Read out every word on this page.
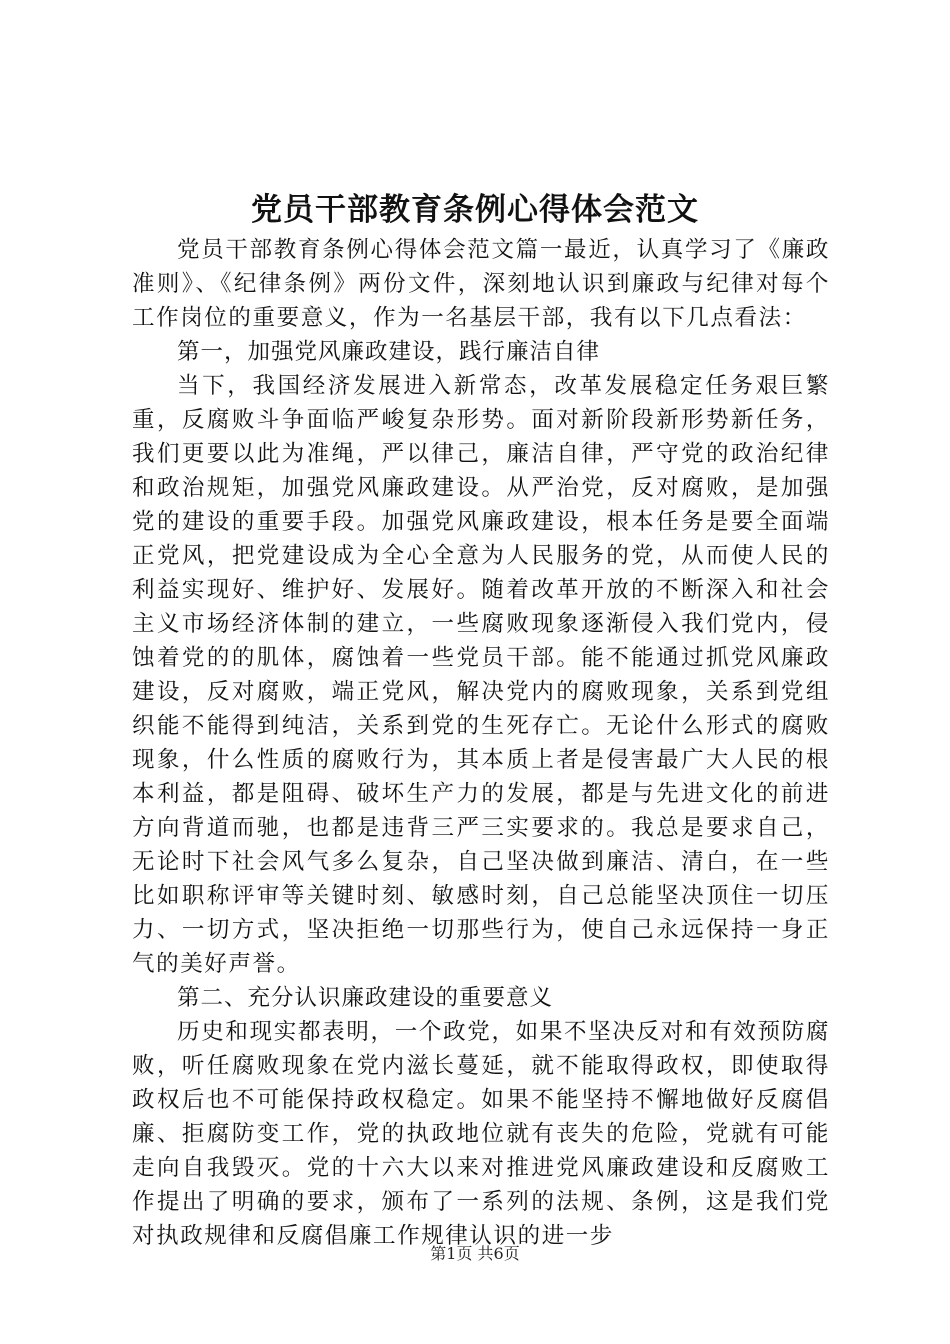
党员干部教育条例心得体会范文

党员干部教育条例心得体会范文篇一最近，认真学习了《廉政准则》、《纪律条例》两份文件，深刻地认识到廉政与纪律对每个工作岗位的重要意义，作为一名基层干部，我有以下几点看法：

第一，加强党风廉政建设，践行廉洁自律

当下，我国经济发展进入新常态，改革发展稳定任务艰巨繁重，反腐败斗争面临严峻复杂形势。面对新阶段新形势新任务，我们更要以此为准绳，严以律己，廉洁自律，严守党的政治纪律和政治规矩，加强党风廉政建设。从严治党，反对腐败，是加强党的建设的重要手段。加强党风廉政建设，根本任务是要全面端正党风，把党建设成为全心全意为人民服务的党，从而使人民的利益实现好、维护好、发展好。随着改革开放的不断深入和社会主义市场经济体制的建立，一些腐败现象逐渐侵入我们党内，侵蚀着党的的肌体，腐蚀着一些党员干部。能不能通过抓党风廉政建设，反对腐败，端正党风，解决党内的腐败现象，关系到党组织能不能得到纯洁，关系到党的生死存亡。无论什么形式的腐败现象，什么性质的腐败行为，其本质上者是侵害最广大人民的根本利益，都是阻碍、破坏生产力的发展，都是与先进文化的前进方向背道而驰，也都是违背三严三实要求的。我总是要求自己，无论时下社会风气多么复杂，自己坚决做到廉洁、清白，在一些比如职称评审等关键时刻、敏感时刻，自己总能坚决顶住一切压力、一切方式，坚决拒绝一切那些行为，使自己永远保持一身正气的美好声誉。

第二、充分认识廉政建设的重要意义

历史和现实都表明，一个政党，如果不坚决反对和有效预防腐败，听任腐败现象在党内滋长蔓延，就不能取得政权，即使取得政权后也不可能保持政权稳定。如果不能坚持不懈地做好反腐倡廉、拒腐防变工作，党的执政地位就有丧失的危险，党就有可能走向自我毁灭。党的十六大以来对推进党风廉政建设和反腐败工作提出了明确的要求，颁布了一系列的法规、条例，这是我们党对执政规律和反腐倡廉工作规律认识的进一步

第1页 共6页
